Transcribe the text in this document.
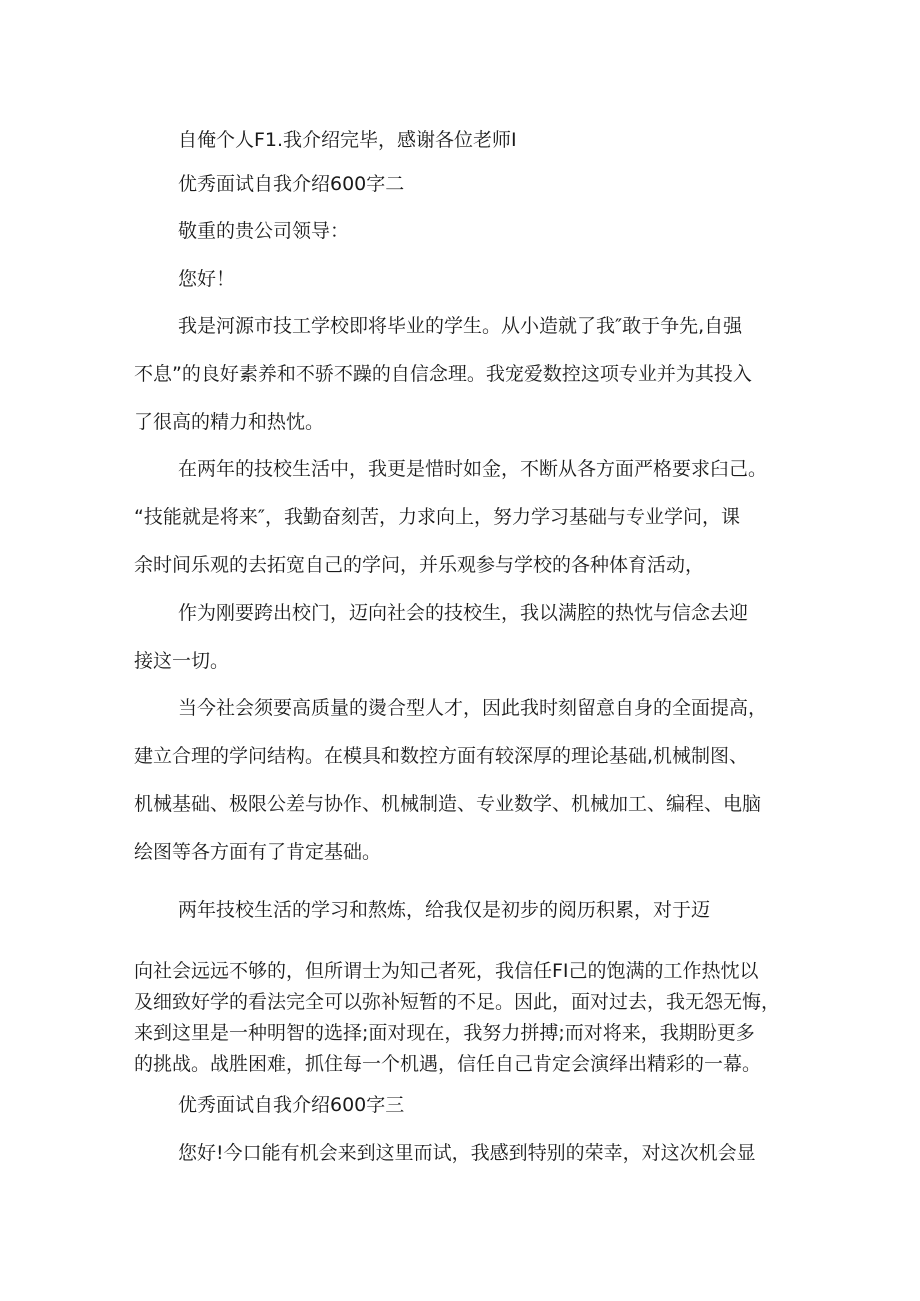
自俺个人F1.我介绍完毕，感谢各位老师I
优秀面试自我介绍600字二
敬重的贵公司领导：
您好！
我是河源市技工学校即将毕业的学生。从小造就了我″敢于争先,自强
不息”的良好素养和不骄不躁的自信念理。我宠爱数控这项专业并为其投入
了很高的精力和热忱。
在两年的技校生活中，我更是惜时如金，不断从各方面严格要求臼己。
“技能就是将来″，我勤奋刻苦，力求向上，努力学习基础与专业学问，课
余时间乐观的去拓宽自己的学问，并乐观参与学校的各种体育活动，
作为刚要跨出校门，迈向社会的技校生，我以满腔的热忱与信念去迎
接这一切。
当今社会须要高质量的燙合型人才，因此我时刻留意自身的全面提高，
建立合理的学问结构。在模具和数控方面有较深厚的理论基础,机械制图、
机械基础、极限公差与协作、机械制造、专业数学、机械加工、编程、电脑
绘图等各方面有了肯定基础。
两年技校生活的学习和熬炼，给我仅是初步的阅历积累，对于迈
向社会远远不够的，但所谓士为知己者死，我信任FI己的饱满的工作热忱以
及细致好学的看法完全可以弥补短暂的不足。因此，面对过去，我无怨无悔，
来到这里是一种明智的选择;面对现在，我努力拼搏;而对将来，我期盼更多
的挑战。战胜困难，抓住每一个机遇，信任自己肯定会演绎出精彩的一幕。
优秀面试自我介绍600字三
您好!今口能有机会来到这里而试，我感到特别的荣幸，对这次机会显
